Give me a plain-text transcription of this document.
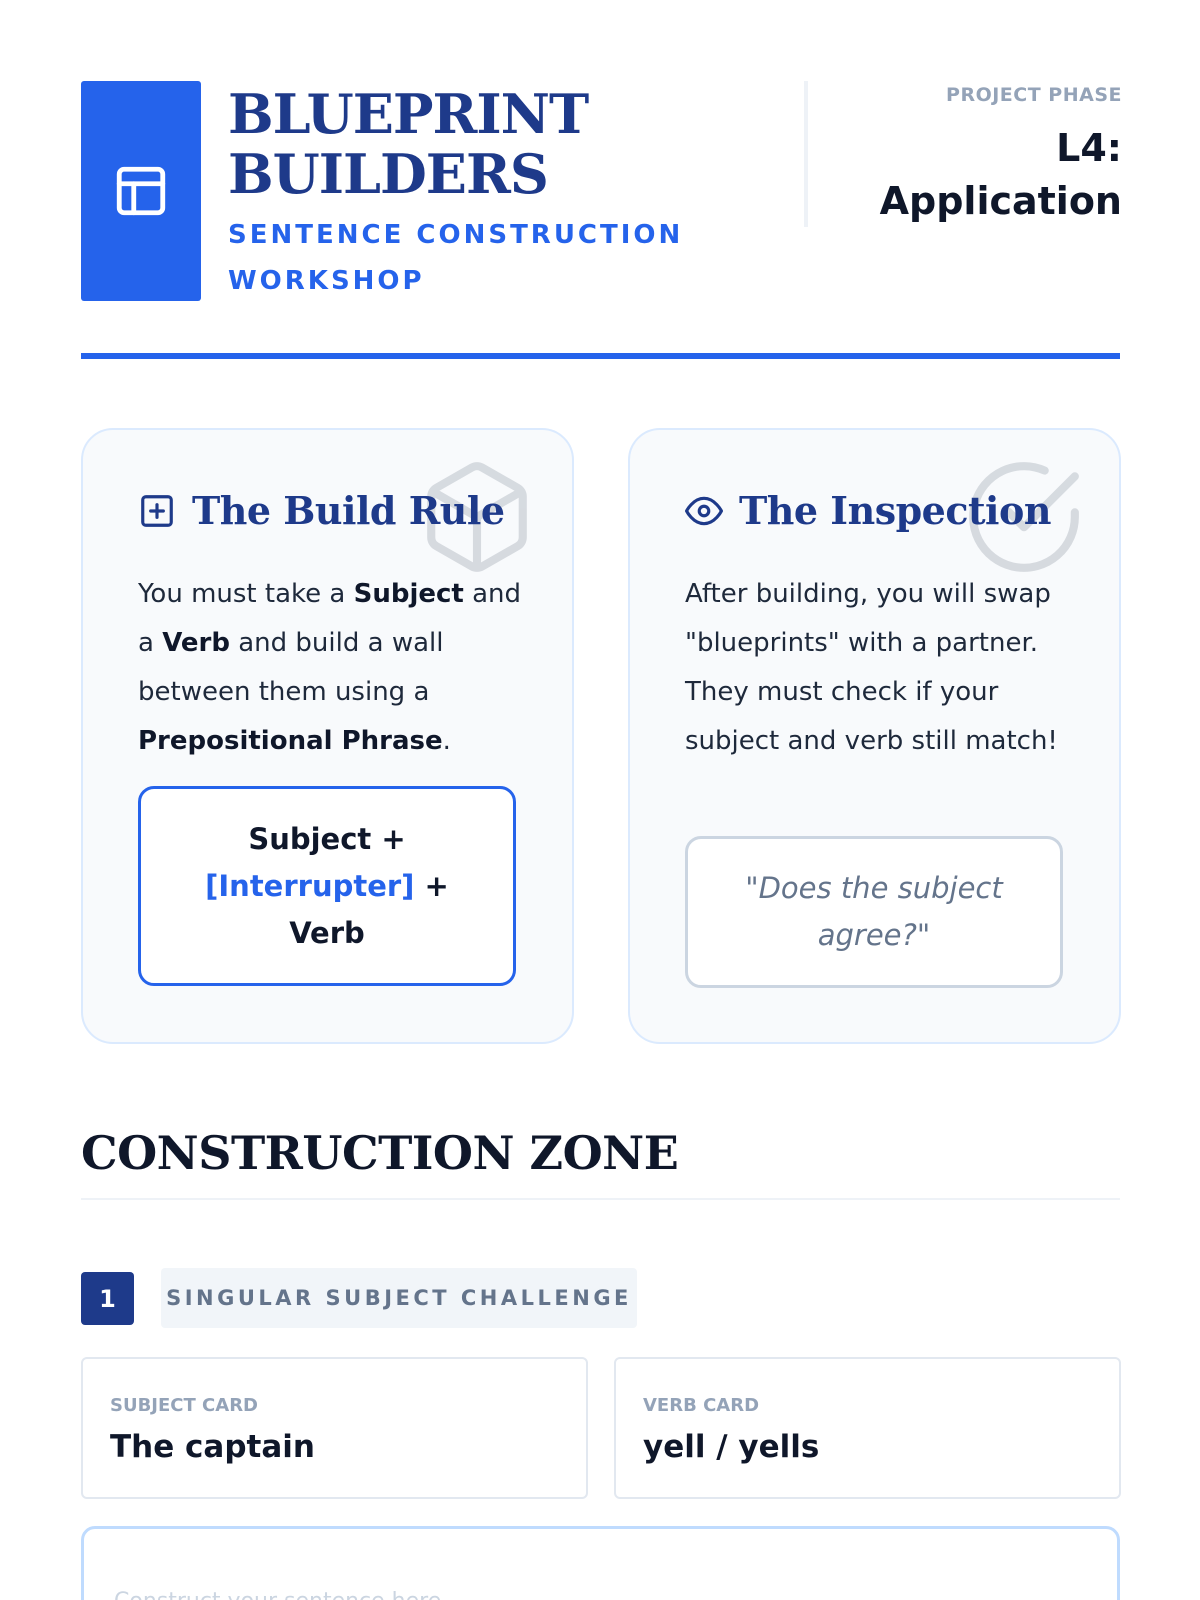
BLUEPRINT BUILDERS
SENTENCE CONSTRUCTION WORKSHOP
PROJECT PHASE
L4: Application
The Build Rule

You must take a Subject and a Verb and build a wall between them using a Prepositional Phrase.

Subject +
[Interrupter] +
Verb
The Inspection

After building, you will swap "blueprints" with a partner. They must check if your subject and verb still match!

"Does the subject agree?"
CONSTRUCTION ZONE
1	SINGULAR SUBJECT CHALLENGE
SUBJECT CARD
The captain
VERB CARD
yell / yells
Construct your sentence here...
